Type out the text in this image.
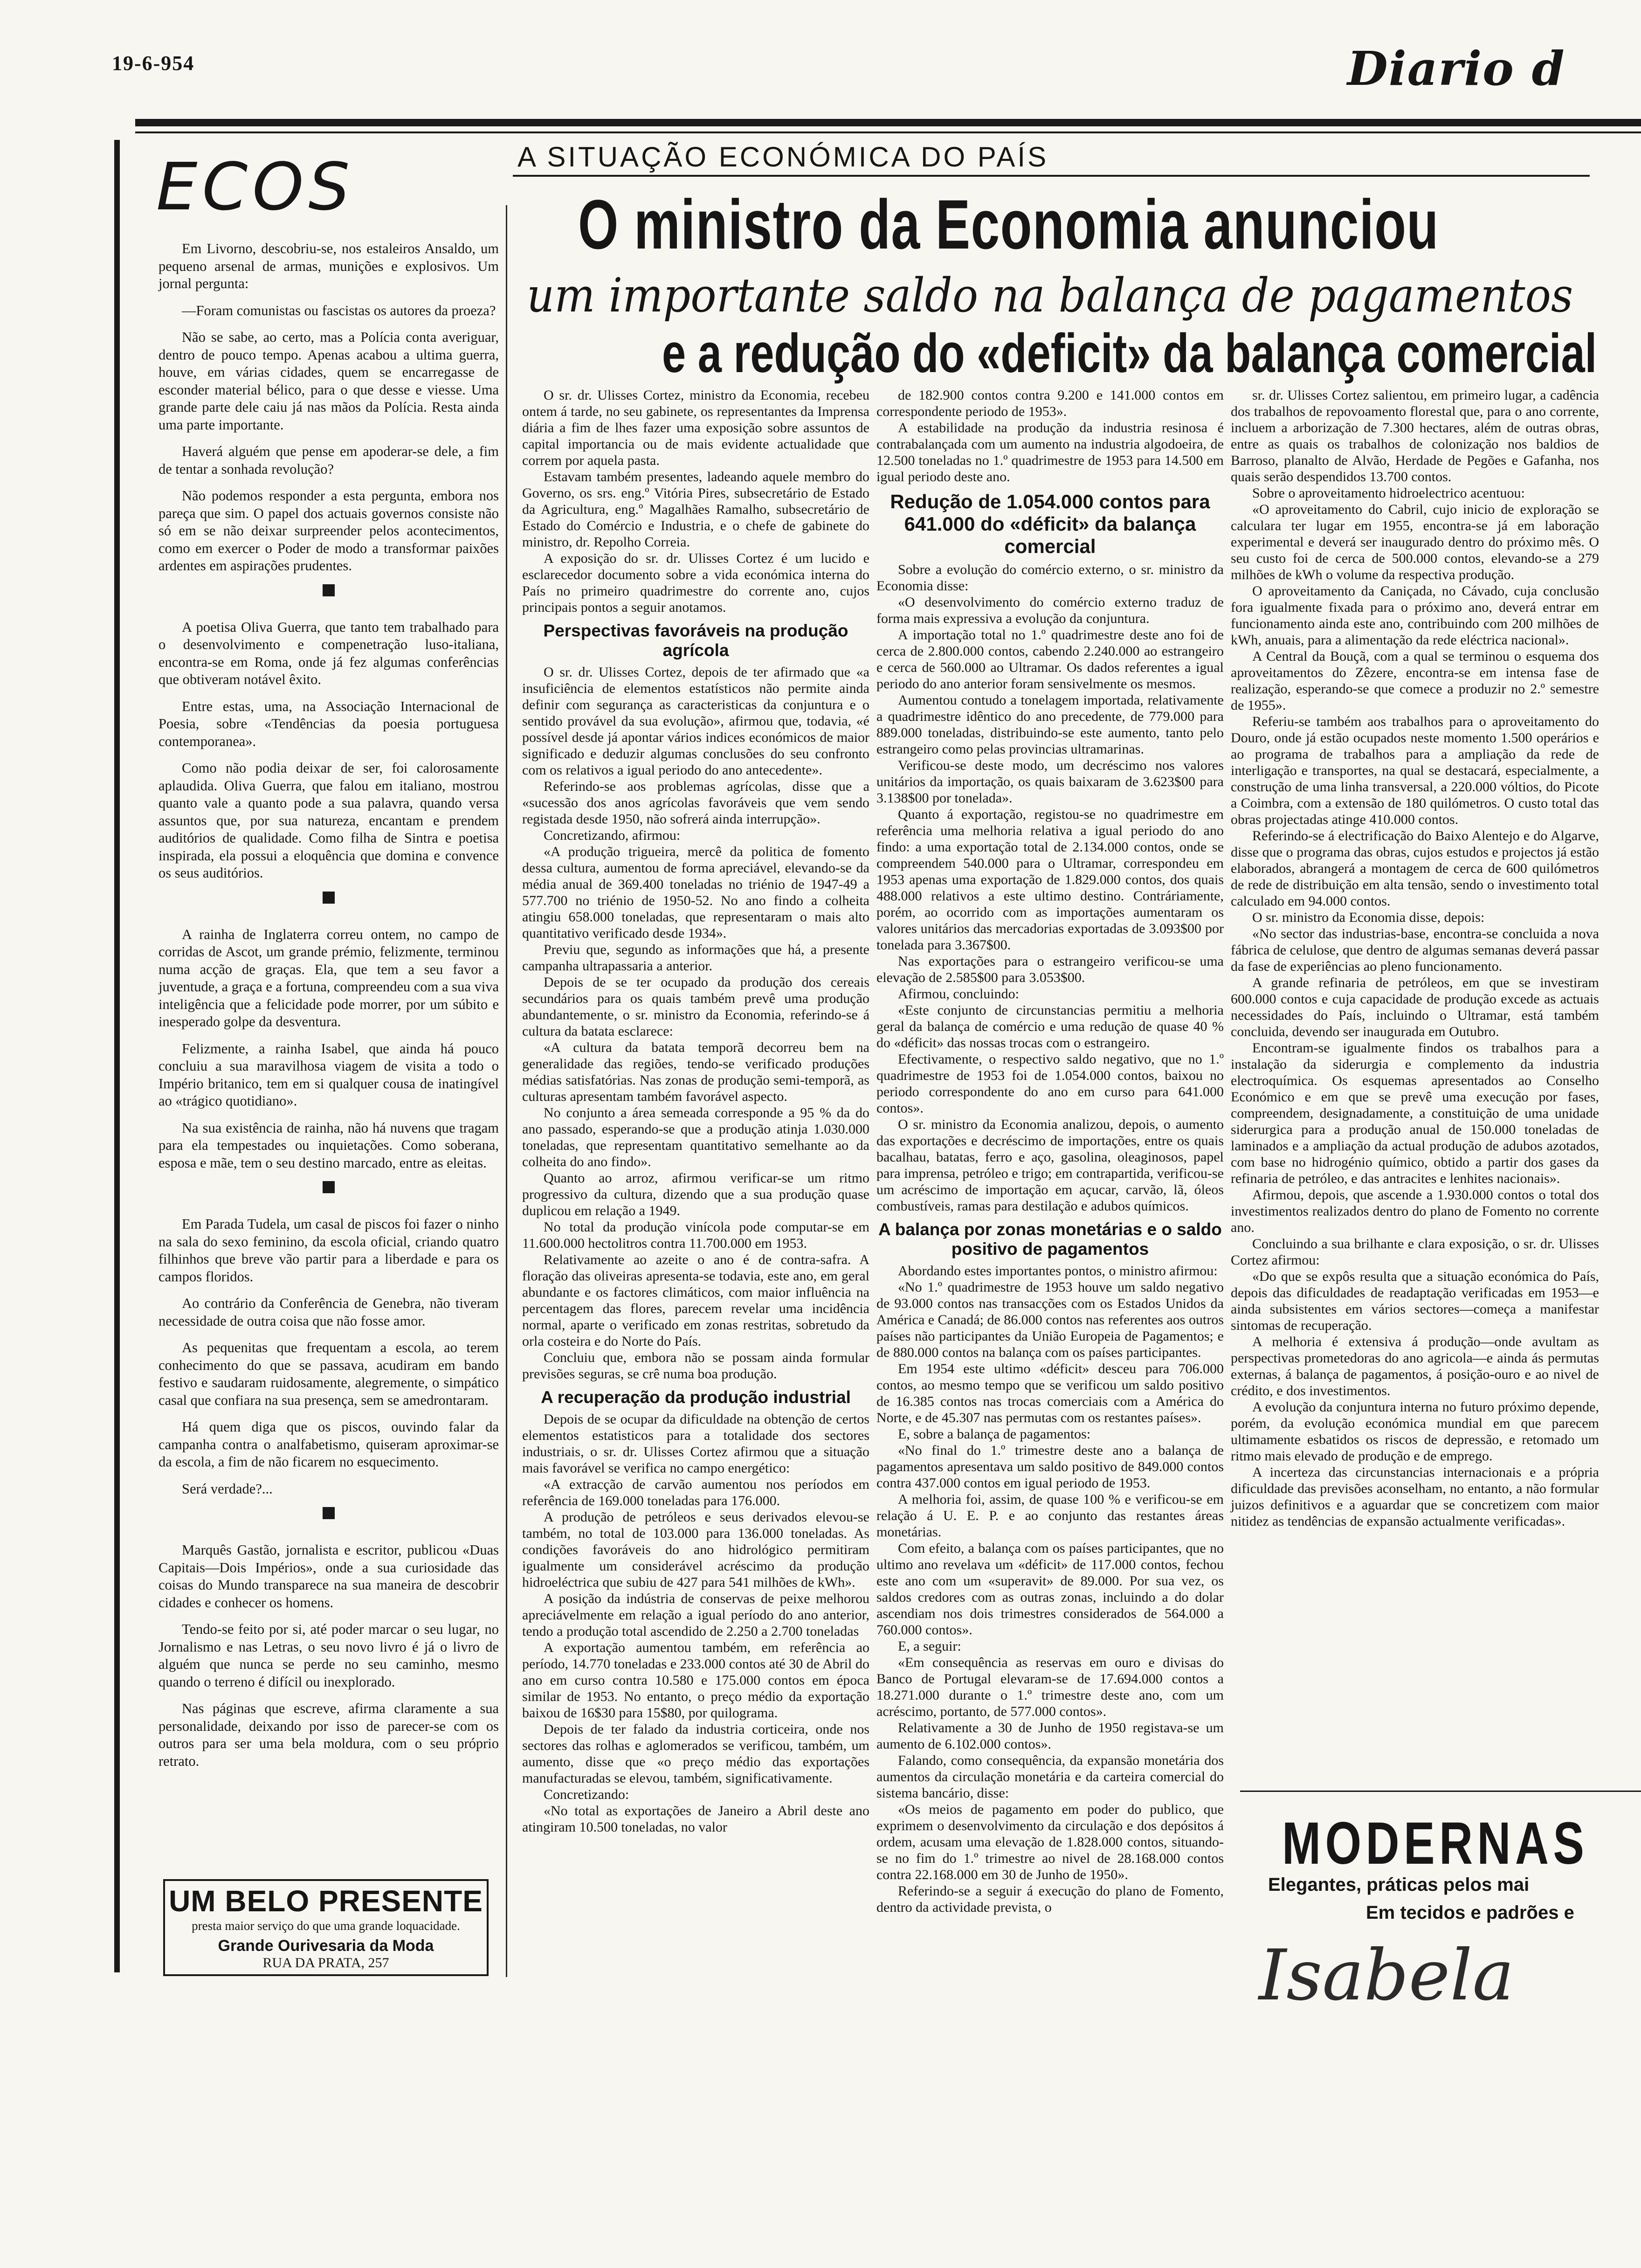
19-6-954	Diario d
ECOS

Em Livorno, descobriu-se, nos estaleiros Ansaldo, um pequeno arsenal de armas, munições e explosivos. Um jornal pergunta:

—Foram comunistas ou fascistas os autores da proeza?

Não se sabe, ao certo, mas a Polícia conta averiguar, dentro de pouco tempo. Apenas acabou a ultima guerra, houve, em várias cidades, quem se encarregasse de esconder material bélico, para o que desse e viesse. Uma grande parte dele caiu já nas mãos da Polícia. Resta ainda uma parte importante.

Haverá alguém que pense em apoderar-se dele, a fim de tentar a sonhada revolução?

Não podemos responder a esta pergunta, embora nos pareça que sim. O papel dos actuais governos consiste não só em se não deixar surpreender pelos acontecimentos, como em exercer o Poder de modo a transformar paixões ardentes em aspirações prudentes.

A poetisa Oliva Guerra, que tanto tem trabalhado para o desenvolvimento e compenetração luso-italiana, encontra-se em Roma, onde já fez algumas conferências que obtiveram notável êxito.

Entre estas, uma, na Associação Internacional de Poesia, sobre «Tendências da poesia portuguesa contemporanea».

Como não podia deixar de ser, foi calorosamente aplaudida. Oliva Guerra, que falou em italiano, mostrou quanto vale a quanto pode a sua palavra, quando versa assuntos que, por sua natureza, encantam e prendem auditórios de qualidade. Como filha de Sintra e poetisa inspirada, ela possui a eloquência que domina e convence os seus auditórios.

A rainha de Inglaterra correu ontem, no campo de corridas de Ascot, um grande prémio, felizmente, terminou numa acção de graças. Ela, que tem a seu favor a juventude, a graça e a fortuna, compreendeu com a sua viva inteligência que a felicidade pode morrer, por um súbito e inesperado golpe da desventura.

Felizmente, a rainha Isabel, que ainda há pouco concluiu a sua maravilhosa viagem de visita a todo o Império britanico, tem em si qualquer cousa de inatingível ao «trágico quotidiano».

Na sua existência de rainha, não há nuvens que tragam para ela tempestades ou inquietações. Como soberana, esposa e mãe, tem o seu destino marcado, entre as eleitas.

Em Parada Tudela, um casal de piscos foi fazer o ninho na sala do sexo feminino, da escola oficial, criando quatro filhinhos que breve vão partir para a liberdade e para os campos floridos.

Ao contrário da Conferência de Genebra, não tiveram necessidade de outra coisa que não fosse amor.

As pequenitas que frequentam a escola, ao terem conhecimento do que se passava, acudiram em bando festivo e saudaram ruidosamente, alegremente, o simpático casal que confiara na sua presença, sem se amedrontaram.

Há quem diga que os piscos, ouvindo falar da campanha contra o analfabetismo, quiseram aproximar-se da escola, a fim de não ficarem no esquecimento.

Será verdade?...

Marquês Gastão, jornalista e escritor, publicou «Duas Capitais—Dois Impérios», onde a sua curiosidade das coisas do Mundo transparece na sua maneira de descobrir cidades e conhecer os homens.

Tendo-se feito por si, até poder marcar o seu lugar, no Jornalismo e nas Letras, o seu novo livro é já o livro de alguém que nunca se perde no seu caminho, mesmo quando o terreno é difícil ou inexplorado.

Nas páginas que escreve, afirma claramente a sua personalidade, deixando por isso de parecer-se com os outros para ser uma bela moldura, com o seu próprio retrato.

UM BELO PRESENTE
presta maior serviço do que uma grande loquacidade.
Grande Ourivesaria da Moda
RUA DA PRATA, 257
A SITUAÇÃO ECONÓMICA DO PAÍS
O ministro da Economia anunciou
um importante saldo na balança de pagamentos
e a redução do «deficit» da balança comercial

O sr. dr. Ulisses Cortez, ministro da Economia, recebeu ontem á tarde, no seu gabinete, os representantes da Imprensa diária a fim de lhes fazer uma exposição sobre assuntos de capital importancia ou de mais evidente actualidade que correm por aquela pasta.

Estavam também presentes, ladeando aquele membro do Governo, os srs. eng.º Vitória Pires, subsecretário de Estado da Agricultura, eng.º Magalhães Ramalho, subsecretário de Estado do Comércio e Industria, e o chefe de gabinete do ministro, dr. Repolho Correia.

A exposição do sr. dr. Ulisses Cortez é um lucido e esclarecedor documento sobre a vida económica interna do País no primeiro quadrimestre do corrente ano, cujos principais pontos a seguir anotamos.

Perspectivas favoráveis na produção agrícola

O sr. dr. Ulisses Cortez, depois de ter afirmado que «a insuficiência de elementos estatísticos não permite ainda definir com segurança as caracteristicas da conjuntura e o sentido provável da sua evolução», afirmou que, todavia, «é possível desde já apontar vários indices económicos de maior significado e deduzir algumas conclusões do seu confronto com os relativos a igual periodo do ano antecedente».

Referindo-se aos problemas agrícolas, disse que a «sucessão dos anos agrícolas favoráveis que vem sendo registada desde 1950, não sofrerá ainda interrupção».

Concretizando, afirmou:

«A produção trigueira, mercê da politica de fomento dessa cultura, aumentou de forma apreciável, elevando-se da média anual de 369.400 toneladas no triénio de 1947-49 a 577.700 no triénio de 1950-52. No ano findo a colheita atingiu 658.000 toneladas, que representaram o mais alto quantitativo verificado desde 1934».

Previu que, segundo as informações que há, a presente campanha ultrapassaria a anterior.

Depois de se ter ocupado da produção dos cereais secundários para os quais também prevê uma produção abundantemente, o sr. ministro da Economia, referindo-se á cultura da batata esclarece:

«A cultura da batata temporã decorreu bem na generalidade das regiões, tendo-se verificado produções médias satisfatórias. Nas zonas de produção semi-temporã, as culturas apresentam também favorável aspecto.

No conjunto a área semeada corresponde a 95 % da do ano passado, esperando-se que a produção atinja 1.030.000 toneladas, que representam quantitativo semelhante ao da colheita do ano findo».

Quanto ao arroz, afirmou verificar-se um ritmo progressivo da cultura, dizendo que a sua produção quase duplicou em relação a 1949.

No total da produção vinícola pode computar-se em 11.600.000 hectolitros contra 11.700.000 em 1953.

Relativamente ao azeite o ano é de contra-safra. A floração das oliveiras apresenta-se todavia, este ano, em geral abundante e os factores climáticos, com maior influência na percentagem das flores, parecem revelar uma incidência normal, aparte o verificado em zonas restritas, sobretudo da orla costeira e do Norte do País.

Concluiu que, embora não se possam ainda formular previsões seguras, se crê numa boa produção.

A recuperação da produção industrial

Depois de se ocupar da dificuldade na obtenção de certos elementos estatisticos para a totalidade dos sectores industriais, o sr. dr. Ulisses Cortez afirmou que a situação mais favorável se verifica no campo energético:

«A extracção de carvão aumentou nos períodos em referência de 169.000 toneladas para 176.000.

A produção de petróleos e seus derivados elevou-se também, no total de 103.000 para 136.000 toneladas. As condições favoráveis do ano hidrológico permitiram igualmente um considerável acréscimo da produção hidroeléctrica que subiu de 427 para 541 milhões de kWh».

A posição da indústria de conservas de peixe melhorou apreciávelmente em relação a igual período do ano anterior, tendo a produção total ascendido de 2.250 a 2.700 toneladas

A exportação aumentou também, em referência ao período, 14.770 toneladas e 233.000 contos até 30 de Abril do ano em curso contra 10.580 e 175.000 contos em época similar de 1953. No entanto, o preço médio da exportação baixou de 16$30 para 15$80, por quilograma.

Depois de ter falado da industria corticeira, onde nos sectores das rolhas e aglomerados se verificou, também, um aumento, disse que «o preço médio das exportações manufacturadas se elevou, também, significativamente.

Concretizando:

«No total as exportações de Janeiro a Abril deste ano atingiram 10.500 toneladas, no valor

de 182.900 contos contra 9.200 e 141.000 contos em correspondente periodo de 1953».

A estabilidade na produção da industria resinosa é contrabalançada com um aumento na industria algodoeira, de 12.500 toneladas no 1.º quadrimestre de 1953 para 14.500 em igual periodo deste ano.

Redução de 1.054.000 contos para 641.000 do «déficit» da balança comercial

Sobre a evolução do comércio externo, o sr. ministro da Economia disse:

«O desenvolvimento do comércio externo traduz de forma mais expressiva a evolução da conjuntura.

A importação total no 1.º quadrimestre deste ano foi de cerca de 2.800.000 contos, cabendo 2.240.000 ao estrangeiro e cerca de 560.000 ao Ultramar. Os dados referentes a igual periodo do ano anterior foram sensivelmente os mesmos.

Aumentou contudo a tonelagem importada, relativamente a quadrimestre idêntico do ano precedente, de 779.000 para 889.000 toneladas, distribuindo-se este aumento, tanto pelo estrangeiro como pelas provincias ultramarinas.

Verificou-se deste modo, um decréscimo nos valores unitários da importação, os quais baixaram de 3.623$00 para 3.138$00 por tonelada».

Quanto á exportação, registou-se no quadrimestre em referência uma melhoria relativa a igual periodo do ano findo: a uma exportação total de 2.134.000 contos, onde se compreendem 540.000 para o Ultramar, correspondeu em 1953 apenas uma exportação de 1.829.000 contos, dos quais 488.000 relativos a este ultimo destino. Contráriamente, porém, ao ocorrido com as importações aumentaram os valores unitários das mercadorias exportadas de 3.093$00 por tonelada para 3.367$00.

Nas exportações para o estrangeiro verificou-se uma elevação de 2.585$00 para 3.053$00.

Afirmou, concluindo:

«Este conjunto de circunstancias permitiu a melhoria geral da balança de comércio e uma redução de quase 40 % do «déficit» das nossas trocas com o estrangeiro.

Efectivamente, o respectivo saldo negativo, que no 1.º quadrimestre de 1953 foi de 1.054.000 contos, baixou no periodo correspondente do ano em curso para 641.000 contos».

O sr. ministro da Economia analizou, depois, o aumento das exportações e decréscimo de importações, entre os quais bacalhau, batatas, ferro e aço, gasolina, oleaginosos, papel para imprensa, petróleo e trigo; em contrapartida, verificou-se um acréscimo de importação em açucar, carvão, lã, óleos combustíveis, ramas para destilação e adubos químicos.

A balança por zonas monetárias e o saldo positivo de pagamentos

Abordando estes importantes pontos, o ministro afirmou:

«No 1.º quadrimestre de 1953 houve um saldo negativo de 93.000 contos nas transacções com os Estados Unidos da América e Canadá; de 86.000 contos nas referentes aos outros países não participantes da União Europeia de Pagamentos; e de 880.000 contos na balança com os países participantes.

Em 1954 este ultimo «déficit» desceu para 706.000 contos, ao mesmo tempo que se verificou um saldo positivo de 16.385 contos nas trocas comerciais com a América do Norte, e de 45.307 nas permutas com os restantes países».

E, sobre a balança de pagamentos:

«No final do 1.º trimestre deste ano a balança de pagamentos apresentava um saldo positivo de 849.000 contos contra 437.000 contos em igual periodo de 1953.

A melhoria foi, assim, de quase 100 % e verificou-se em relação á U. E. P. e ao conjunto das restantes áreas monetárias.

Com efeito, a balança com os países participantes, que no ultimo ano revelava um «déficit» de 117.000 contos, fechou este ano com um «superavit» de 89.000. Por sua vez, os saldos credores com as outras zonas, incluindo a do dolar ascendiam nos dois trimestres considerados de 564.000 a 760.000 contos».

E, a seguir:

«Em consequência as reservas em ouro e divisas do Banco de Portugal elevaram-se de 17.694.000 contos a 18.271.000 durante o 1.º trimestre deste ano, com um acréscimo, portanto, de 577.000 contos».

Relativamente a 30 de Junho de 1950 registava-se um aumento de 6.102.000 contos».

Falando, como consequência, da expansão monetária dos aumentos da circulação monetária e da carteira comercial do sistema bancário, disse:

«Os meios de pagamento em poder do publico, que exprimem o desenvolvimento da circulação e dos depósitos á ordem, acusam uma elevação de 1.828.000 contos, situando-se no fim do 1.º trimestre ao nivel de 28.168.000 contos contra 22.168.000 em 30 de Junho de 1950».

Referindo-se a seguir á execução do plano de Fomento, dentro da actividade prevista, o

sr. dr. Ulisses Cortez salientou, em primeiro lugar, a cadência dos trabalhos de repovoamento florestal que, para o ano corrente, incluem a arborização de 7.300 hectares, além de outras obras, entre as quais os trabalhos de colonização nos baldios de Barroso, planalto de Alvão, Herdade de Pegões e Gafanha, nos quais serão despendidos 13.700 contos.

Sobre o aproveitamento hidroelectrico acentuou:

«O aproveitamento do Cabril, cujo inicio de exploração se calculara ter lugar em 1955, encontra-se já em laboração experimental e deverá ser inaugurado dentro do próximo mês. O seu custo foi de cerca de 500.000 contos, elevando-se a 279 milhões de kWh o volume da respectiva produção.

O aproveitamento da Caniçada, no Cávado, cuja conclusão fora igualmente fixada para o próximo ano, deverá entrar em funcionamento ainda este ano, contribuindo com 200 milhões de kWh, anuais, para a alimentação da rede eléctrica nacional».

A Central da Bouçã, com a qual se terminou o esquema dos aproveitamentos do Zêzere, encontra-se em intensa fase de realização, esperando-se que comece a produzir no 2.º semestre de 1955».

Referiu-se também aos trabalhos para o aproveitamento do Douro, onde já estão ocupados neste momento 1.500 operários e ao programa de trabalhos para a ampliação da rede de interligação e transportes, na qual se destacará, especialmente, a construção de uma linha transversal, a 220.000 vóltios, do Picote a Coimbra, com a extensão de 180 quilómetros. O custo total das obras projectadas atinge 410.000 contos.

Referindo-se á electrificação do Baixo Alentejo e do Algarve, disse que o programa das obras, cujos estudos e projectos já estão elaborados, abrangerá a montagem de cerca de 600 quilómetros de rede de distribuição em alta tensão, sendo o investimento total calculado em 94.000 contos.

O sr. ministro da Economia disse, depois:

«No sector das industrias-base, encontra-se concluida a nova fábrica de celulose, que dentro de algumas semanas deverá passar da fase de experiências ao pleno funcionamento.

A grande refinaria de petróleos, em que se investiram 600.000 contos e cuja capacidade de produção excede as actuais necessidades do País, incluindo o Ultramar, está também concluida, devendo ser inaugurada em Outubro.

Encontram-se igualmente findos os trabalhos para a instalação da siderurgia e complemento da industria electroquímica. Os esquemas apresentados ao Conselho Económico e em que se prevê uma execução por fases, compreendem, designadamente, a constituição de uma unidade siderurgica para a produção anual de 150.000 toneladas de laminados e a ampliação da actual produção de adubos azotados, com base no hidrogénio químico, obtido a partir dos gases da refinaria de petróleo, e das antracites e lenhites nacionais».

Afirmou, depois, que ascende a 1.930.000 contos o total dos investimentos realizados dentro do plano de Fomento no corrente ano.

Concluindo a sua brilhante e clara exposição, o sr. dr. Ulisses Cortez afirmou:

«Do que se expôs resulta que a situação económica do País, depois das dificuldades de readaptação verificadas em 1953—e ainda subsistentes em vários sectores—começa a manifestar sintomas de recuperação.

A melhoria é extensiva á produção—onde avultam as perspectivas prometedoras do ano agricola—e ainda ás permutas externas, á balança de pagamentos, á posição-ouro e ao nivel de crédito, e dos investimentos.

A evolução da conjuntura interna no futuro próximo depende, porém, da evolução económica mundial em que parecem ultimamente esbatidos os riscos de depressão, e retomado um ritmo mais elevado de produção e de emprego.

A incerteza das circunstancias internacionais e a própria dificuldade das previsões aconselham, no entanto, a não formular juizos definitivos e a aguardar que se concretizem com maior nitidez as tendências de expansão actualmente verificadas».

MODERNAS
Elegantes, práticas pelos mai
Em tecidos e padrões e
Isabela
